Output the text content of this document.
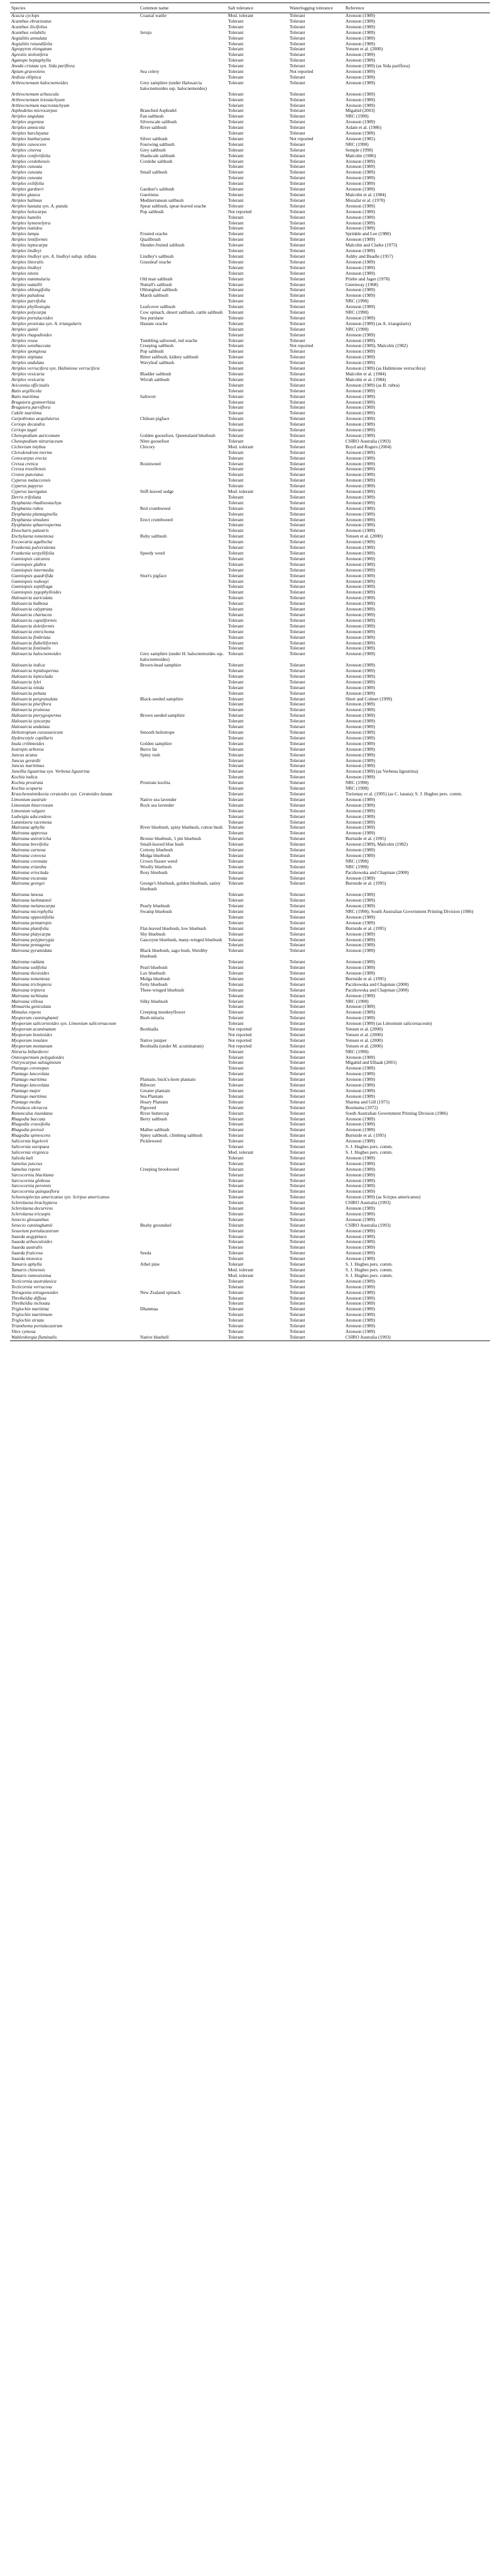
Species	Common name	Salt tolerance	Waterlogging tolerance	Reference
Acacia cyclops	Coastal wattle	Mod. tolerant	Tolerant	Aronson (1989)
Acanthus ebracteatus		Tolerant	Tolerant	Aronson (1989)
Acanthus ilicifolius		Tolerant	Tolerant	Aronson (1989)
Acanthus volubilis	Jeruju	Tolerant	Tolerant	Aronson (1989)
Aegialitis annulata		Tolerant	Tolerant	Aronson (1989)
Aegialitis rotundifolia		Tolerant	Tolerant	Aronson (1989)
Agropyron elongatum		Tolerant	Tolerant	Yensen et al. (2000)
Agrostis stolonifera		Tolerant	Tolerant	Aronson (1989)
Aganope heptaphylla		Tolerant	Tolerant	Aronson (1989)
Anoda cristata syn. Sida pariflora		Tolerant	Tolerant	Aronson (1989) (as Sida pariflora)
Apium graveolens	Sea celery	Tolerant	Not reported	Aronson (1989)
Ardisia elliptica		Tolerant	Tolerant	Aronson (1989)
Arthrocnemum halocnemoides	Grey samphire (under Halosarcia halocnemoides ssp. halocnemoides)	Tolerant	Tolerant	Aronson (1989)
Arthrocnemum arbuscula		Tolerant	Tolerant	Aronson (1989)
Arthrocnemum leiostachyum		Tolerant	Tolerant	Aronson (1989)
Arthrocnemum macrostachyum		Tolerant	Tolerant	Aronson (1989)
Asphodelus microcarpus	Branched Asphodel	Tolerant	Tolerant	Migahid (2003)
Atriplex angulata	Fan saltbush	Tolerant	Tolerant	NRC (1990)
Atriplex argentea	Silverscale saltbush	Tolerant	Tolerant	Aronson (1989)
Atriplex amnicola	River saltbush	Tolerant	Tolerant	Aslam et al. (1986)
Atriplex barclayana		Tolerant	Tolerant	Aronson (1989)
Atriplex bunburyana	Silver saltbush	Tolerant	Not reported	Aronson (1985)
Atriplex canescens	Fourwing saltbush	Tolerant	Tolerant	NRC (1990)
Atriplex cinerea	Grey saltbush	Tolerant	Tolerant	Semple (1990)
Atriplex confertifolia	Shadscale saltbush	Tolerant	Tolerant	Malcolm (1986)
Atriplex cordobensis	Cordobe saltbush	Tolerant	Tolerant	Aronson (1989)
Atriplex cuneata		Tolerant	Tolerant	Aronson (1989)
Atriplex cuneata	Small saltbush	Tolerant	Tolerant	Aronson (1989)
Atriplex cuneata		Tolerant	Tolerant	Aronson (1989)
Atriplex exilifolia		Tolerant	Tolerant	Aronson (1989)
Atriplex gardneri	Gardner's saltbush	Tolerant	Tolerant	Aronson (1989)
Atriplex glauca	Guertiena	Tolerant	Tolerant	Malcolm et al. (1984)
Atriplex halimus	Mediterranean saltbush	Tolerant	Tolerant	Mozafar et al. (1970)
Atriplex hastata syn. A. patula	Spear saltbush, spear-leaved orache	Tolerant	Tolerant	Aronson (1989)
Atriplex holocarpa	Pop saltbush	Not reported	Tolerant	Aronson (1989)
Atriplex humilis		Tolerant	Tolerant	Aronson (1989)
Atriplex hymenelytra		Tolerant	Tolerant	Aronson (1989)
Atriplex isatidea		Tolerant	Tolerant	Aronson (1989)
Atriplex lampa	Frosted orache	Tolerant	Tolerant	Sprinkle and Lee (1980)
Atriplex lentiformis	Quailbrush	Tolerant	Tolerant	Aronson (1989)
Atriplex leptocarpa	Slender-fruited saltbush	Tolerant	Tolerant	Malcolm and Clarke (1973)
Atriplex lindleyi		Tolerant	Tolerant	Aronson (1989)
Atriplex lindleyi syn. A. lindleyi subsp. inflata	Lindley's saltbush	Tolerant	Tolerant	Ashby and Beadle (1957)
Atriplex littoralis	Grassleaf orache	Tolerant	Tolerant	Aronson (1989)
Atriplex lindleyi		Tolerant	Tolerant	Aronson (1989)
Atriplex nitens		Tolerant	Tolerant	Aronson (1989)
Atriplex nummularia	Old man saltbush	Tolerant	Tolerant	Priebe and Jager (1978)
Atriplex nuttallii	Nuttall's saltbush	Tolerant	Tolerant	Greenway (1968)
Atriplex oblongifolia	Oblongleaf saltbush	Tolerant	Tolerant	Aronson (1989)
Atriplex paludosa	Marsh saltbush	Tolerant	Tolerant	Aronson (1989)
Atriplex parvifolia		Tolerant	Tolerant	NRC (1990)
Atriplex phyllostegia	Leafcover saltbush	Tolerant	Tolerant	Aronson (1989)
Atriplex polycarpa	Cow spinach, desert saltbush, cattle saltbush	Tolerant	Tolerant	NRC (1990)
Atriplex portulacoides	Sea purslane	Tolerant	Tolerant	Aronson (1989)
Atriplex prostrata syn. A. triangularis	Hastate orache	Tolerant	Tolerant	Aronson (1989) (as A. triangularis)
Atriplex quinii		Tolerant	Tolerant	NRC (1990)
Atriplex rhagodioides		Tolerant	Tolerant	Aronson (1989)
Atriplex rosea	Tumbling saltweed, red orache	Tolerant	Tolerant	Aronson (1989)
Atriplex semibaccata	Creeping saltbush	Tolerant	Not reported	Aronson (1989), Malcolm (1982)
Atriplex spongiosa	Pop saltbush	Tolerant	Tolerant	Aronson (1989)
Atriplex stipitata	Bitter saltbush, kidney saltbush	Tolerant	Tolerant	Aronson (1989)
Atriplex undulata	Wavyleaf saltbush	Tolerant	Tolerant	Aronson (1989)
Atriplex verrucifera syn. Halimione verrucifera		Tolerant	Tolerant	Aronson (1989) (as Halimione verrucifera)
Atriplex vesicaria	Bladder saltbush	Tolerant	Tolerant	Malcolm et al. (1984)
Atriplex vesicaria	Wirrah saltbush	Tolerant	Tolerant	Malcolm et al. (1984)
Avicennia officinalis		Tolerant	Tolerant	Aronson (1989) (as B. rubra)
Batis argillicola		Tolerant	Tolerant	Aronson (1989)
Batis maritima	Saltwort	Tolerant	Tolerant	Aronson (1989)
Bruguiera gymnorrhiza		Tolerant	Tolerant	Aronson (1989)
Bruguiera parviflora		Tolerant	Tolerant	Aronson (1989)
Cakile maritima		Tolerant	Tolerant	Aronson (1989)
Carpobrotus aequilaterus	Chilean pigface	Tolerant	Tolerant	Aronson (1989)
Ceriops decandra		Tolerant	Tolerant	Aronson (1989)
Ceriops tagal		Tolerant	Tolerant	Aronson (1989)
Chenopodium auricomum	Golden goosefoot, Queensland bluebush	Tolerant	Tolerant	Aronson (1989)
Chenopodium nitrariaceum	Nitre goosefoot	Tolerant	Tolerant	CSIRO Australia (1993)
Cichorium intybus	Chicory	Mod. tolerant	Tolerant	Boyd and Rogers (2004)
Clerodendrum inerme		Tolerant	Tolerant	Aronson (1989)
Conocarpus erecta		Tolerant	Tolerant	Aronson (1989)
Cressa cretica	Rosinweed	Tolerant	Tolerant	Aronson (1989)
Cressa truxillensis		Tolerant	Tolerant	Aronson (1989)
Croton punctatus		Tolerant	Tolerant	Aronson (1989)
Cyperus malaccensis		Tolerant	Tolerant	Aronson (1989)
Cyperus papyrus		Tolerant	Tolerant	Aronson (1989)
Cyperus laevigatus	Stiff-leaved sedge	Mod. tolerant	Tolerant	Aronson (1989)
Derris trifoliata		Tolerant	Tolerant	Aronson (1989)
Dysphania rhadinostachya		Tolerant	Tolerant	Aronson (1989)
Dysphania rubra	Red crumbweed	Tolerant	Tolerant	Aronson (1989)
Dysphania plantaginella		Tolerant	Tolerant	Aronson (1989)
Dysphania simulans	Erect crumbweed	Tolerant	Tolerant	Aronson (1989)
Dysphania sphaerosperma		Tolerant	Tolerant	Aronson (1989)
Eleocharis palustris		Tolerant	Tolerant	Aronson (1989)
Enchylaena tomentosa	Ruby saltbush	Tolerant	Tolerant	Yensen et al. (2000)
Excoecaria agallocha		Tolerant	Tolerant	Aronson (1989)
Frankenia pulverulenta		Tolerant	Tolerant	Aronson (1989)
Frankenia serpyllifolia	Speedy weed	Tolerant	Tolerant	Aronson (1989)
Gunniopsis calcarea		Tolerant	Tolerant	Aronson (1989)
Gunniopsis glabra		Tolerant	Tolerant	Aronson (1989)
Gunniopsis intermedia		Tolerant	Tolerant	Aronson (1989)
Gunniopsis quadrifida	Sturt's pigface	Tolerant	Tolerant	Aronson (1989)
Gunniopsis rodwayi		Tolerant	Tolerant	Aronson (1989)
Gunniopsis septifraga		Tolerant	Tolerant	Aronson (1989)
Gunniopsis zygophylloides		Tolerant	Tolerant	Aronson (1989)
Halosarcia auriculata		Tolerant	Tolerant	Aronson (1989)
Halosarcia bulbosa		Tolerant	Tolerant	Aronson (1989)
Halosarcia calyptrata		Tolerant	Tolerant	Aronson (1989)
Halosarcia chartacea		Tolerant	Tolerant	Aronson (1989)
Halosarcia cupuliformis		Tolerant	Tolerant	Aronson (1989)
Halosarcia doleiformis		Tolerant	Tolerant	Aronson (1989)
Halosarcia entrichoma		Tolerant	Tolerant	Aronson (1989)
Halosarcia fimbriata		Tolerant	Tolerant	Aronson (1989)
Halosarcia flabelliformis		Tolerant	Tolerant	Aronson (1989)
Halosarcia fontinalis		Tolerant	Tolerant	Aronson (1989)
Halosarcia halocnemoides	Grey samphire (under H. halocnemoides ssp. halocnemoides)	Tolerant	Tolerant	Aronson (1989)
Halosarcia indica	Brown-head samphire	Tolerant	Tolerant	Aronson (1989)
Halosarcia lepidosperma		Tolerant	Tolerant	Aronson (1989)
Halosarcia leptoclada		Tolerant	Tolerant	Aronson (1989)
Halosarcia lylei		Tolerant	Tolerant	Aronson (1989)
Halosarcia nitida		Tolerant	Tolerant	Aronson (1989)
Halosarcia peltata		Tolerant	Tolerant	Aronson (1989)
Halosarcia pergranulata	Black-seeded samphire	Tolerant	Tolerant	Short and Colmer (1999)
Halosarcia pluriflora		Tolerant	Tolerant	Aronson (1989)
Halosarcia pruinosa		Tolerant	Tolerant	Aronson (1989)
Halosarcia pterygosperma	Brown seeded samphire	Tolerant	Tolerant	Aronson (1989)
Halosarcia syncarpa		Tolerant	Tolerant	Aronson (1989)
Halosarcia undulata		Tolerant	Tolerant	Aronson (1989)
Heliotropium curassavicum	Smooth heliotrope	Tolerant	Tolerant	Aronson (1989)
Hydrocotyle capillaris		Tolerant	Tolerant	Aronson (1989)
Inula crithmoides	Golden samphire	Tolerant	Tolerant	Aronson (1989)
Isotropis arborea	Burro fat	Tolerant	Tolerant	Aronson (1989)
Juncus acutus	Spiny rush	Tolerant	Tolerant	Aronson (1989)
Juncus gerardii		Tolerant	Tolerant	Aronson (1989)
Juncus maritimus		Tolerant	Tolerant	Aronson (1989)
Junellia ligustrina syn. Verbena ligustrina		Tolerant	Tolerant	Aronson (1989) (as Verbena ligustrina)
Kochia indica		Tolerant	Tolerant	Aronson (1989)
Kochia prostrata	Prostrate kochia	Tolerant	Tolerant	NRC (1990)
Kochia scoparia		Tolerant	Tolerant	NRC (1990)
Kraschenninnikovia ceratoides syn. Ceratoides lanata		Tolerant	Tolerant	Turismay et al. (1995) (as C. lanata); S. J. Hughes pers. comm.
Limonium australe	Native sea lavender	Tolerant	Tolerant	Aronson (1989)
Limonium binervosum	Rock sea lavender	Tolerant	Tolerant	Aronson (1989)
Limonium vulgare		Tolerant	Tolerant	Aronson (1989)
Ludwigia adscendens		Tolerant	Tolerant	Aronson (1989)
Lumnitzera racemosa		Tolerant	Tolerant	Aronson (1989)
Maireana aphylla	River bluebush, spiny bluebush, cotton bush	Tolerant	Tolerant	Aronson (1989)
Maireana appressa		Tolerant	Tolerant	Aronson (1989)
Maireana astrotricha	Bronze bluebush, 5 pin bluebush	Tolerant	Tolerant	Burnside et al. (1995)
Maireana brevifolia	Small-leaved blue bush	Tolerant	Tolerant	Aronson (1989), Malcolm (1982)
Maireana carnosa	Cottony bluebush	Tolerant	Tolerant	Aronson (1989)
Maireana convexa	Mulga bluebush	Tolerant	Tolerant	Aronson (1989)
Maireana coronata	Crown fissure weed	Tolerant	Tolerant	NRC (1990)
Maireana eriantha	Woolly bluebush	Tolerant	Tolerant	NRC (1990)
Maireana erioclada	Rosy bluebush	Tolerant	Tolerant	Paczkowska and Chapman (2000)
Maireana excavata		Tolerant	Tolerant	Aronson (1989)
Maireana georgei	George's bluebush, golden bluebush, satiny bluebush	Tolerant	Tolerant	Burnside et al. (1995)
Maireana lanosa		Tolerant	Tolerant	Aronson (1989)
Maireana luehmannii		Tolerant	Tolerant	Aronson (1989)
Maireana melanocarpa	Pearly bluebush	Tolerant	Tolerant	Aronson (1989)
Maireana microphylla	Swamp bluebush	Tolerant	Tolerant	NRC (1990); South Australian Government Printing Division (1986)
Maireana oppositifolia		Tolerant	Tolerant	Aronson (1989)
Maireana pentatropis		Tolerant	Tolerant	Aronson (1989)
Maireana planifolia	Flat-leaved bluebush, low bluebush	Tolerant	Tolerant	Burnside et al. (1995)
Maireana platycarpa	Shy bluebush	Tolerant	Tolerant	Aronson (1989)
Maireana polypterygia	Gascoyne bluebush, many-winged bluebush	Tolerant	Tolerant	Aronson (1989)
Maireana pentagona		Tolerant	Tolerant	Aronson (1989)
Maireana pyramidata	Black bluebush, sago bush, Shrubby bluebush	Tolerant	Tolerant	Aronson (1989)
Maireana radiata		Tolerant	Tolerant	Aronson (1989)
Maireana sedifolia	Pearl bluebush	Tolerant	Tolerant	Aronson (1989)
Maireana thesioides	Lax bluebush	Tolerant	Tolerant	Aronson (1989)
Maireana tomentosa	Mulga bluebush	Tolerant	Tolerant	Burnside et al. (1995)
Maireana trichoptera	Fetty bluebush	Tolerant	Tolerant	Paczkowska and Chapman (2000)
Maireana triptera	Three-winged bluebush	Tolerant	Tolerant	Paczkowska and Chapman (2000)
Maireana turbinata		Tolerant	Tolerant	Aronson (1989)
Maireana villosa	Silky bluebush	Tolerant	Tolerant	NRC (1990)
Minuartia geniculata		Tolerant	Tolerant	Aronson (1989)
Mimulus repens	Creeping monkeyflower	Tolerant	Tolerant	Aronson (1989)
Myoporum cunninghamii	Bush mitaria	Tolerant	Tolerant	Aronson (1989)
Myoporum salicornioides syn. Limonium salicornaceum		Tolerant	Tolerant	Aronson (1989) (as Limonium salicornaceum)
Myoporum acuminatum	Boobialla	Not reported	Tolerant	Yensen et al. (2000)
Myoporum bontioides		Not reported	Tolerant	Yensen et al. (2000)
Myoporum insulare	Native juniper	Not reported	Tolerant	Yensen et al. (2000)
Myoporum montanum	Boobialla (under M. acuminatum)	Not reported	Tolerant	Yensen et al. (2000)
Nitraria billardierei		Tolerant	Tolerant	NRC (1990)
Osteospermum polygaloides		Tolerant	Tolerant	Aronson (1989)
Ostryocarpus salsugineum		Tolerant	Tolerant	Migahid and Elhaak (2001)
Plantago coronopus		Tolerant	Tolerant	Aronson (1989)
Plantago lanceolata		Tolerant	Tolerant	Aronson (1989)
Plantago maritima	Plantain, buck's-horn plantain	Tolerant	Tolerant	Aronson (1989)
Plantago lanceolata	Ribwort	Tolerant	Tolerant	Aronson (1989)
Plantago major	Greater plantain	Tolerant	Tolerant	Aronson (1989)
Plantago maritima	Sea Plantain	Tolerant	Tolerant	Aronson (1989)
Plantago media	Hoary Plantain	Tolerant	Tolerant	Sharma and Gill (1975)
Portulaca oleracea	Pigweed	Tolerant	Tolerant	Boomsma (1972)
Ranunculus inundatus	River buttercup	Tolerant	Tolerant	South Australian Government Printing Division (1986)
Rhagodia baccata	Berry saltbush	Tolerant	Tolerant	Aronson (1989)
Rhagodia crassifolia		Tolerant	Tolerant	Aronson (1989)
Rhagodia preissii	Mallee saltbush	Tolerant	Tolerant	Aronson (1989)
Rhagodia spinescens	Spiny saltbush, climbing saltbush	Tolerant	Tolerant	Burnside et al. (1995)
Salicornia bigelovii	Pickleweed	Tolerant	Tolerant	Aronson (1989)
Salicornia europaea		Tolerant	Tolerant	S. J. Hughes pers. comm.
Salicornia virginica		Mod. tolerant	Tolerant	S. J. Hughes pers. comm.
Salsola kali		Tolerant	Tolerant	Aronson (1989)
Samolus junceus		Tolerant	Tolerant	Aronson (1989)
Samolus repens	Creeping brookweed	Tolerant	Tolerant	Aronson (1989)
Sarcocornia blackiana		Tolerant	Tolerant	Aronson (1989)
Sarcocornia globosa		Tolerant	Tolerant	Aronson (1989)
Sarcocornia perennis		Tolerant	Tolerant	Aronson (1989)
Sarcocornia quinqueflora		Tolerant	Tolerant	Aronson (1989)
Schoenoplectus americanus syn. Scirpus americanus		Tolerant	Tolerant	Aronson (1989) (as Scirpus americanus)
Sclerolaena brachyptera		Tolerant	Tolerant	CSIRO Australia (1993)
Sclerolaena decurrens		Tolerant	Tolerant	Aronson (1989)
Sclerolaena tricuspis		Tolerant	Tolerant	Aronson (1989)
Senecio glossanthus		Tolerant	Tolerant	Aronson (1989)
Senecio cunninghamii	Bushy groundsel	Tolerant	Tolerant	CSIRO Australia (1993)
Sesuvium portulacastrum		Tolerant	Tolerant	Aronson (1989)
Suaeda aegyptiaca		Tolerant	Tolerant	Aronson (1989)
Suaeda arbusculoides		Tolerant	Tolerant	Aronson (1989)
Suaeda australis		Tolerant	Tolerant	Aronson (1989)
Suaeda fruticosa	Seeda	Tolerant	Tolerant	Aronson (1989)
Suaeda monoica		Tolerant	Tolerant	Aronson (1989)
Tamarix aphylla	Athel pine	Tolerant	Tolerant	S. J. Hughes pers. comm.
Tamarix chinensis		Mod. tolerant	Tolerant	S. J. Hughes pers. comm.
Tamarix ramosissima		Mod. tolerant	Tolerant	S. J. Hughes pers. comm.
Tecticornia australasica		Tolerant	Tolerant	Aronson (1989)
Tecticornia verrucosa		Tolerant	Tolerant	Aronson (1989)
Tetragonia tetragonoides	New Zealand spinach	Tolerant	Tolerant	Aronson (1989)
Threlkeldia diffusa		Tolerant	Tolerant	Aronson (1989)
Threlkeldia inchoata		Tolerant	Tolerant	Aronson (1989)
Triglochin maritima	Dhanmaa	Tolerant	Tolerant	Aronson (1989)
Triglochin maritimum		Tolerant	Tolerant	Aronson (1989)
Triglochin striata		Tolerant	Tolerant	Aronson (1989)
Trianthema portulacastrum		Tolerant	Tolerant	Aronson (1989)
Vitex cymosa		Tolerant	Tolerant	Aronson (1989)
Wahlenbergia fluminalis	Native bluebell	Tolerant	Tolerant	CSIRO Australia (1993)
